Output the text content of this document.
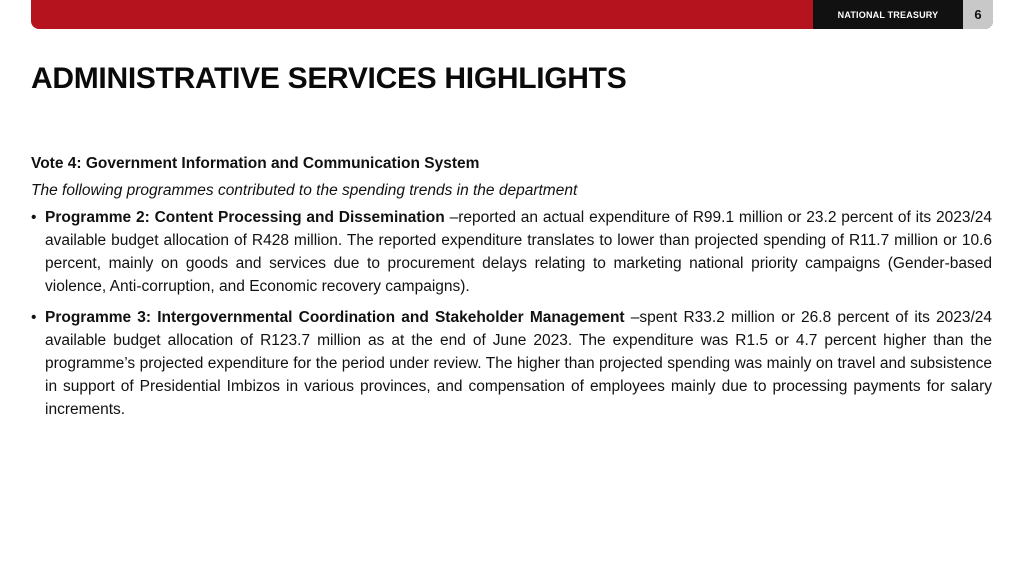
NATIONAL TREASURY	6
ADMINISTRATIVE SERVICES HIGHLIGHTS

Vote 4: Government Information and Communication System

The following programmes contributed to the spending trends in the department

• Programme 2: Content Processing and Dissemination –reported an actual expenditure of R99.1 million or 23.2 percent of its 2023/24 available budget allocation of R428 million. The reported expenditure translates to lower than projected spending of R11.7 million or 10.6 percent, mainly on goods and services due to procurement delays relating to marketing national priority campaigns (Gender-based violence, Anti-corruption, and Economic recovery campaigns).
• Programme 3: Intergovernmental Coordination and Stakeholder Management –spent R33.2 million or 26.8 percent of its 2023/24 available budget allocation of R123.7 million as at the end of June 2023. The expenditure was R1.5 or 4.7 percent higher than the programme’s projected expenditure for the period under review. The higher than projected spending was mainly on travel and subsistence in support of Presidential Imbizos in various provinces, and compensation of employees mainly due to processing payments for salary increments.
